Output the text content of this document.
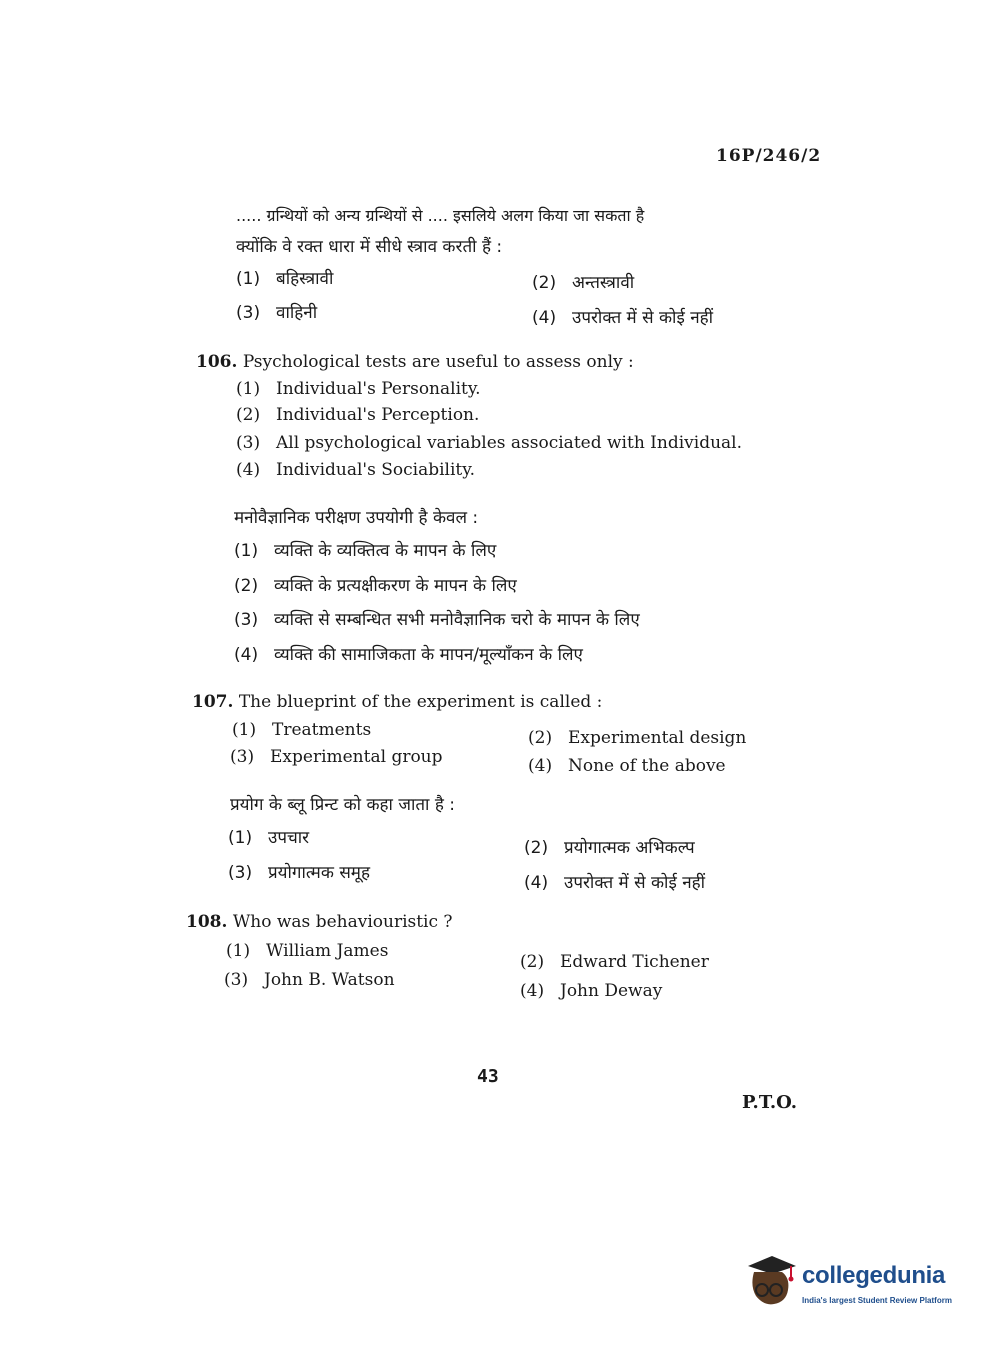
16P/246/2
..... ग्रन्थियों को अन्य ग्रन्थियों से .... इसलिये अलग किया जा सकता है
क्योंकि वे रक्त धारा में सीधे स्त्राव करती हैं :
(1) बहिस्त्रावी	(2) अन्तस्त्रावी
(3) वाहिनी	(4) उपरोक्त में से कोई नहीं
106. Psychological tests are useful to assess only :
(1) Individual's Personality.
(2) Individual's Perception.
(3) All psychological variables associated with Individual.
(4) Individual's Sociability.
मनोवैज्ञानिक परीक्षण उपयोगी है केवल :
(1) व्यक्ति के व्यक्तित्व के मापन के लिए
(2) व्यक्ति के प्रत्यक्षीकरण के मापन के लिए
(3) व्यक्ति से सम्बन्धित सभी मनोवैज्ञानिक चरो के मापन के लिए
(4) व्यक्ति की सामाजिकता के मापन/मूल्याँकन के लिए
107. The blueprint of the experiment is called :
(1) Treatments	(2) Experimental design
(3) Experimental group	(4) None of the above
प्रयोग के ब्लू प्रिन्ट को कहा जाता है :
(1) उपचार	(2) प्रयोगात्मक अभिकल्प
(3) प्रयोगात्मक समूह	(4) उपरोक्त में से कोई नहीं
108. Who was behaviouristic ?
(1) William James
(2) Edward Tichener
(3) John B. Watson
(4) John Deway
43
P.T.O.
collegedunia
India's largest Student Review Platform
